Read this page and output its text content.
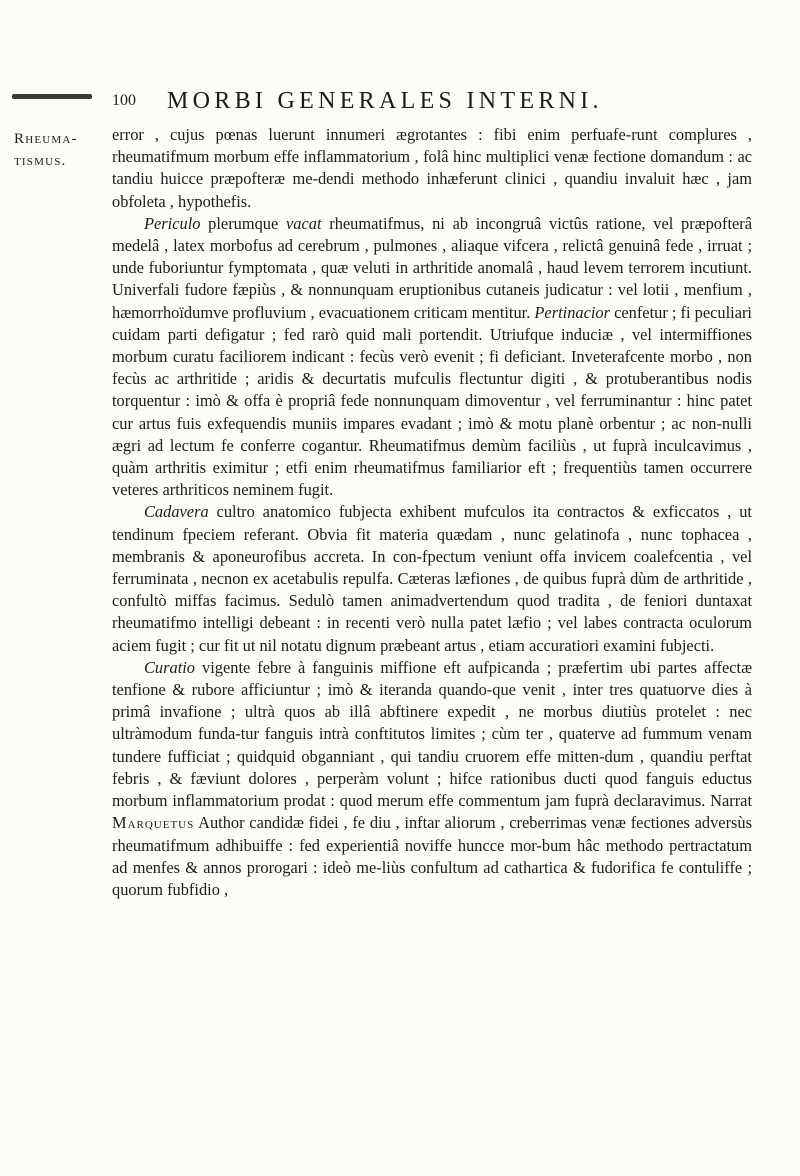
100 MORBI GENERALES INTERNI.
Rheuma-
tismus.

error , cujus pœnas luerunt innumeri ægrotantes : fibi enim perfuafe-runt complures , rheumatifmum morbum effe inflammatorium , folâ hinc multiplici venæ fectione domandum : ac tandiu huicce præpofteræ me-dendi methodo inhæferunt clinici , quandiu invaluit hæc , jam obfoleta , hypothefis.

Periculo plerumque vacat rheumatifmus, ni ab incongruâ victûs ratione, vel præpofterâ medelâ , latex morbofus ad cerebrum , pulmones , aliaque vifcera , relictâ genuinâ fede , irruat ; unde fuboriuntur fymptomata , quæ veluti in arthritide anomalâ , haud levem terrorem incutiunt. Univerfali fudore fæpiùs , & nonnunquam eruptionibus cutaneis judicatur : vel lotii , menfium , hæmorrhoïdumve profluvium , evacuationem criticam mentitur. Pertinacior cenfetur ; fi peculiari cuidam parti defigatur ; fed rarò quid mali portendit. Utriufque induciæ , vel intermiffiones morbum curatu faciliorem indicant : fecùs verò evenit ; fi deficiant. Inveterafcente morbo , non fecùs ac arthritide ; aridis & decurtatis mufculis flectuntur digiti , & protuberantibus nodis torquentur : imò & offa è propriâ fede nonnunquam dimoventur , vel ferruminantur : hinc patet cur artus fuis exfequendis muniis impares evadant ; imò & motu planè orbentur ; ac non-nulli ægri ad lectum fe conferre cogantur. Rheumatifmus demùm faciliùs , ut fuprà inculcavimus , quàm arthritis eximitur ; etfi enim rheumatifmus familiarior eft ; frequentiùs tamen occurrere veteres arthriticos neminem fugit.

Cadavera cultro anatomico fubjecta exhibent mufculos ita contractos & exficcatos , ut tendinum fpeciem referant. Obvia fit materia quædam , nunc gelatinofa , nunc tophacea , membranis & aponeurofibus accreta. In con-fpectum veniunt offa invicem coalefcentia , vel ferruminata , necnon ex acetabulis repulfa. Cæteras læfiones , de quibus fuprà dùm de arthritide , confultò miffas facimus. Sedulò tamen animadvertendum quod tradita , de feniori duntaxat rheumatifmo intelligi debeant : in recenti verò nulla patet læfio ; vel labes contracta oculorum aciem fugit ; cur fit ut nil notatu dignum præbeant artus , etiam accuratiori examini fubjecti.

Curatio vigente febre à fanguinis miffione eft aufpicanda ; præfertim ubi partes affectæ tenfione & rubore afficiuntur ; imò & iteranda quando-que venit , inter tres quatuorve dies à primâ invafione ; ultrà quos ab illâ abftinere expedit , ne morbus diutiùs protelet : nec ultràmodum funda-tur fanguis intrà conftitutos limites ; cùm ter , quaterve ad fummum venam tundere fufficiat ; quidquid obganniant , qui tandiu cruorem effe mitten-dum , quandiu perftat febris , & fæviunt dolores , perperàm volunt ; hifce rationibus ducti quod fanguis eductus morbum inflammatorium prodat : quod merum effe commentum jam fuprà declaravimus. Narrat Marquetus Author candidæ fidei , fe diu , inftar aliorum , creberrimas venæ fectiones adversùs rheumatifmum adhibuiffe : fed experientiâ noviffe huncce mor-bum hâc methodo pertractatum ad menfes & annos prorogari : ideò me-liùs confultum ad cathartica & fudorifica fe contuliffe ; quorum fubfidio ,
